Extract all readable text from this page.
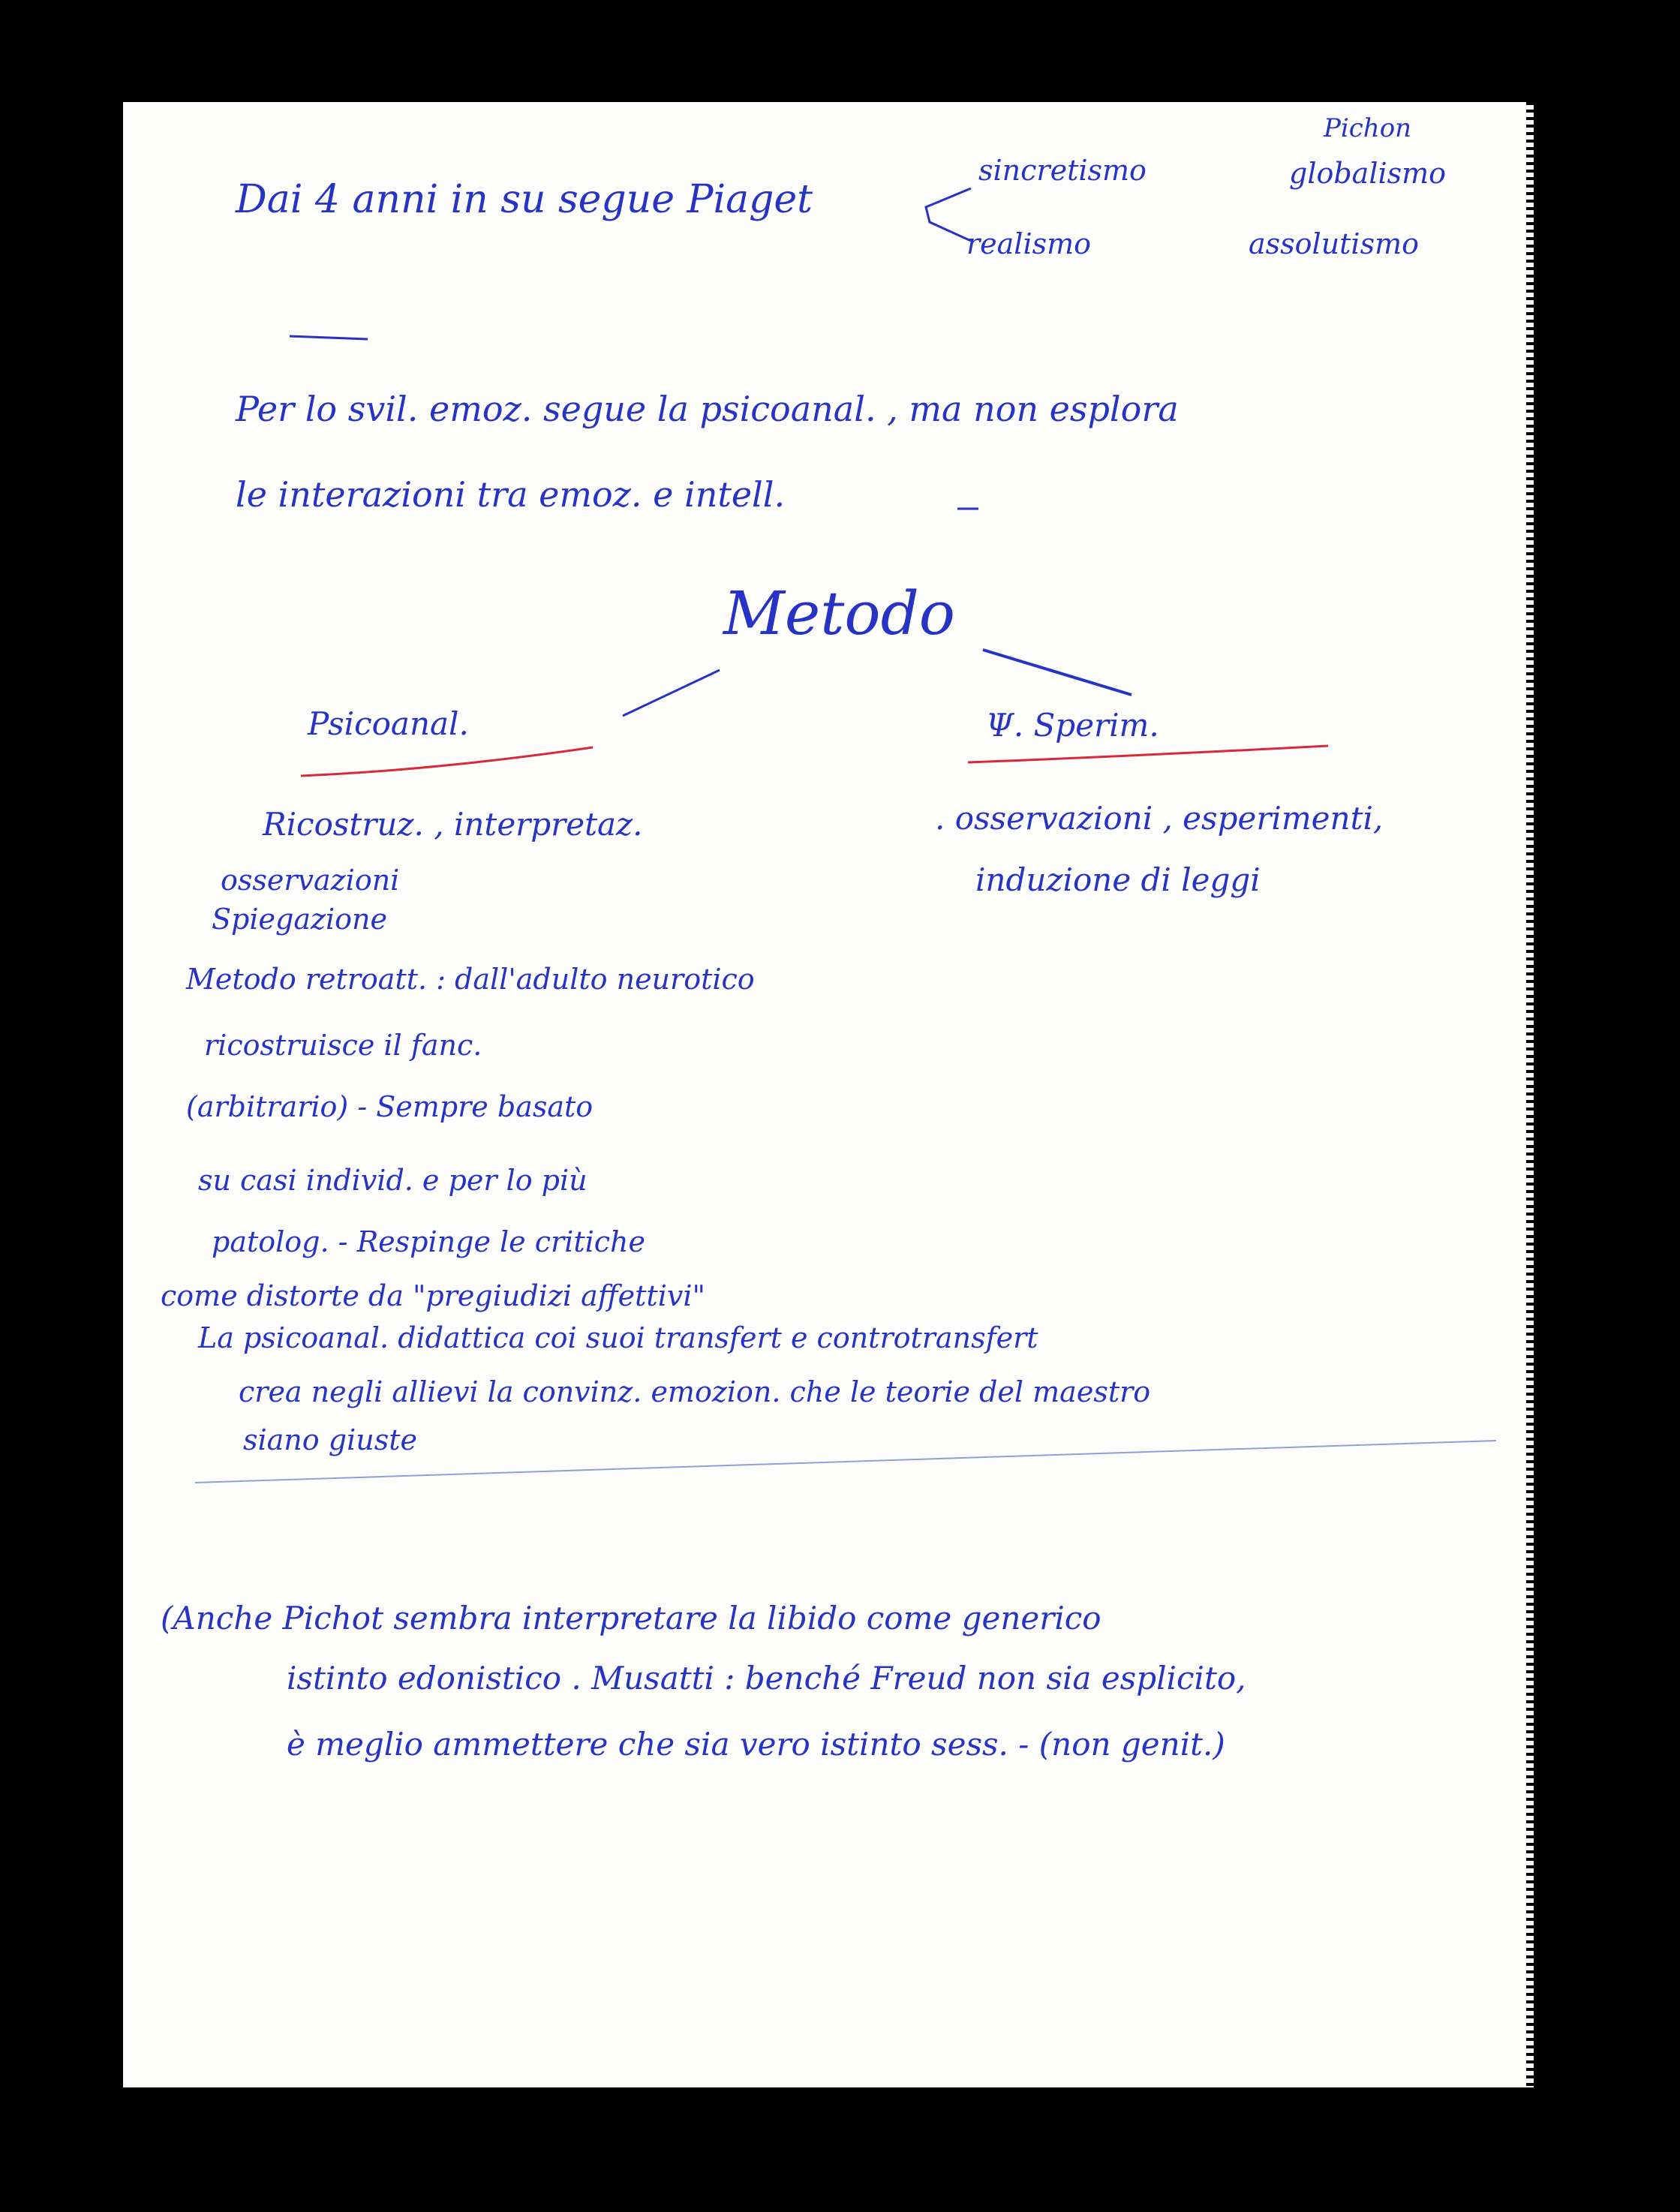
Dai 4 anni in su segue Piaget
sincretismo
realismo
Pichon
globalismo
assolutismo
Per lo svil. emoz. segue la psicoanal. , ma non esplora
le interazioni tra emoz. e intell.
Metodo
Psicoanal.
Ricostruz. , interpretaz.
osservazioni
Spiegazione
Ψ. Sperim.
. osservazioni , esperimenti,
induzione di leggi
Metodo retroatt. : dall'adulto neurotico
ricostruisce il fanc.
(arbitrario) - Sempre basato
su casi individ. e per lo più
patolog. - Respinge le critiche
come distorte da "pregiudizi affettivi"
La psicoanal. didattica coi suoi transfert e controtransfert
crea negli allievi la convinz. emozion. che le teorie del maestro
siano giuste
(Anche Pichot sembra interpretare la libido come generico
istinto edonistico . Musatti : benché Freud non sia esplicito,
è meglio ammettere che sia vero istinto sess. - (non genit.)
